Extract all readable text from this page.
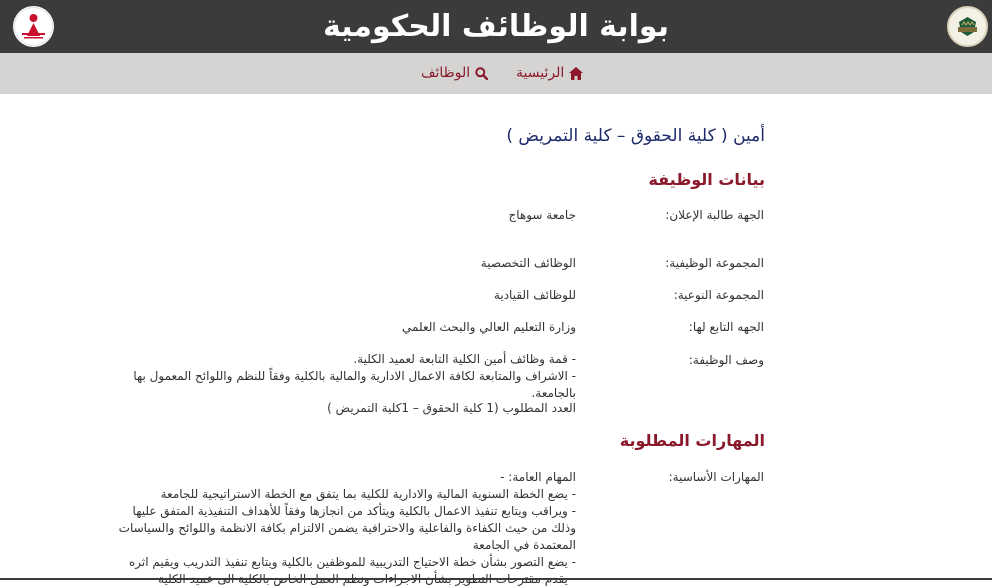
بوابة الوظائف الحكومية
الرئيسية
الوظائف
أمين ( كلية الحقوق – كلية التمريض )
بيانات الوظيفة
الجهة طالبة الإعلان:
جامعة سوهاج
المجموعة الوظيفية:
الوظائف التخصصية
المجموعة النوعية:
للوظائف القيادية
الجهه التابع لها:
وزارة التعليم العالي والبحث العلمي
وصف الوظيفة:
- قمة وظائف أمين الكلية التابعة لعميد الكلية.
- الاشراف والمتابعة لكافة الاعمال الادارية والمالية بالكلية وفقاً للنظم واللوائح المعمول بها بالجامعة.
العدد المطلوب (1 كلية الحقوق – 1كلية التمريض )
المهارات المطلوبة
المهارات الأساسية:
المهام العامة: -
- يضع الخطة السنوية المالية والادارية للكلية بما يتفق مع الخطة الاستراتيجية للجامعة
- ويراقب ويتابع تنفيذ الاعمال بالكلية ويتأكد من انجازها وفقاً للأهداف التنفيذية المتفق عليها وذلك من حيث الكفاءة والفاعلية والاحترافية يضمن الالتزام بكافة الانظمة واللوائح والسياسات المعتمدة في الجامعة
- يضع التصور بشأن خطة الاحتياج التدريبية للموظفين بالكلية ويتابع تنفيذ التدريب ويقيم اثره
